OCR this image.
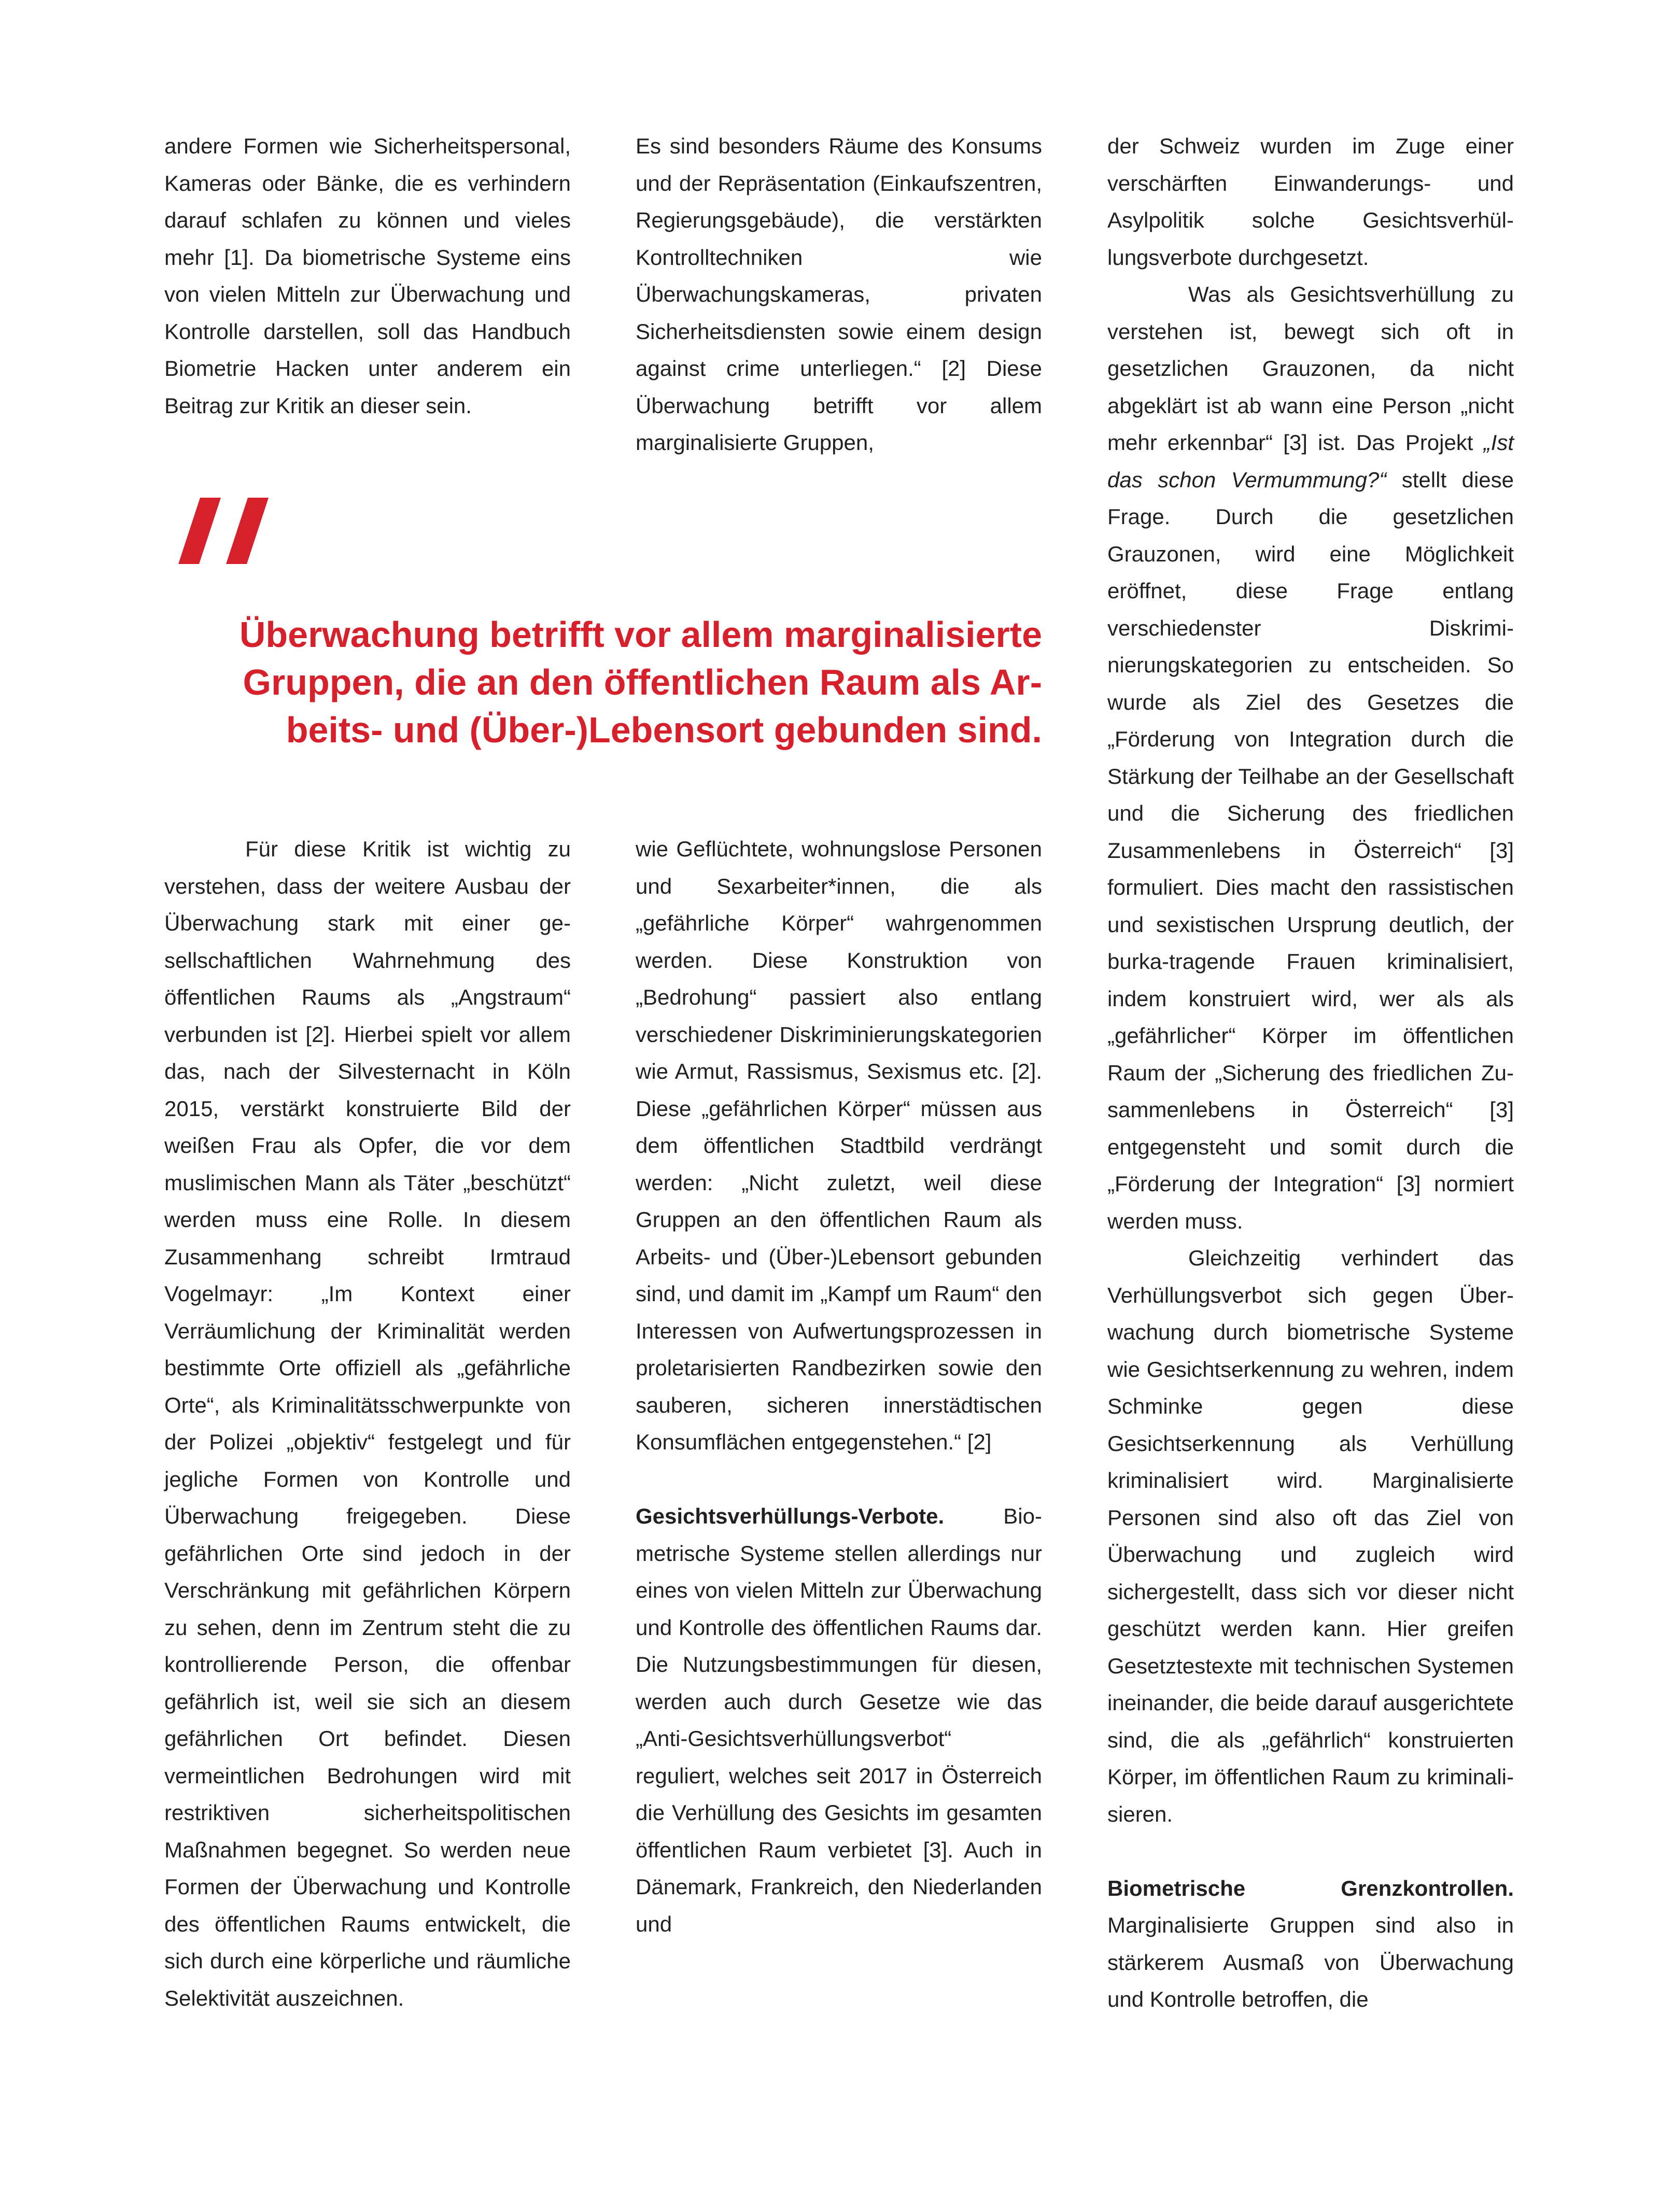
andere Formen wie Sicherheitspersonal, Kameras oder Bänke, die es verhindern darauf schlafen zu können und vieles mehr [1]. Da biometrische Systeme eins von vielen Mitteln zur Überwachung und Kontrolle darstellen, soll das Handbuch Biometrie Hacken unter anderem ein Beitrag zur Kritik an dieser sein.

Es sind besonders Räume des Konsums und der Repräsentation (Einkaufszentren, Regierungsgebäude), die verstärkten Kontrolltechniken wie Überwachungskameras, privaten Sicherheitsdiensten sowie einem design against crime unterliegen.“ [2] Diese Überwachung betrifft vor allem marginalisierte Gruppen,

Überwachung betrifft vor allem marginalisierte Gruppen, die an den öffentlichen Raum als Arbeits- und (Über-)Lebensort gebunden sind.

Für diese Kritik ist wichtig zu verstehen, dass der weitere Ausbau der Überwachung stark mit einer gesellschaftlichen Wahrnehmung des öffentlichen Raums als „Angstraum“ verbunden ist [2]. Hierbei spielt vor allem das, nach der Silvesternacht in Köln 2015, verstärkt konstruierte Bild der weißen Frau als Opfer, die vor dem muslimischen Mann als Täter „beschützt“ werden muss eine Rolle. In diesem Zusammenhang schreibt Irmtraud Vogelmayr: „Im Kontext einer Verräumlichung der Kriminalität werden bestimmte Orte offiziell als „gefährliche Orte“, als Kriminalitätsschwerpunkte von der Polizei „objektiv“ festgelegt und für jegliche Formen von Kontrolle und Überwachung freigegeben. Diese gefährlichen Orte sind jedoch in der Verschränkung mit gefährlichen Körpern zu sehen, denn im Zentrum steht die zu kontrollierende Person, die offenbar gefährlich ist, weil sie sich an diesem gefährlichen Ort befindet. Diesen vermeintlichen Bedrohungen wird mit restriktiven sicherheitspolitischen Maßnahmen begegnet. So werden neue Formen der Überwachung und Kontrolle des öffentlichen Raums entwickelt, die sich durch eine körperliche und räumliche Selektivität auszeichnen.

wie Geflüchtete, wohnungslose Personen und Sexarbeiter*innen, die als „gefährliche Körper“ wahrgenommen werden. Diese Konstruktion von „Bedrohung“ passiert also entlang verschiedener Diskriminierungskategorien wie Armut, Rassismus, Sexismus etc. [2]. Diese „gefährlichen Körper“ müssen aus dem öffentlichen Stadtbild verdrängt werden: „Nicht zuletzt, weil diese Gruppen an den öffentlichen Raum als Arbeits- und (Über-)Lebensort gebunden sind, und damit im „Kampf um Raum“ den Interessen von Aufwertungsprozessen in proletarisierten Randbezirken sowie den sauberen, sicheren innerstädtischen Konsumflächen entgegenstehen.“ [2]

Gesichtsverhüllungs-Verbote. Biometrische Systeme stellen allerdings nur eines von vielen Mitteln zur Überwachung und Kontrolle des öffentlichen Raums dar. Die Nutzungsbestimmungen für diesen, werden auch durch Gesetze wie das „Anti-Gesichtsverhüllungsverbot“ reguliert, welches seit 2017 in Österreich die Verhüllung des Gesichts im gesamten öffentlichen Raum verbietet [3]. Auch in Dänemark, Frankreich, den Niederlanden und

der Schweiz wurden im Zuge einer verschärften Einwanderungs- und Asylpolitik solche Gesichtsverhüllungsverbote durchgesetzt.

Was als Gesichtsverhüllung zu verstehen ist, bewegt sich oft in gesetzlichen Grauzonen, da nicht abgeklärt ist ab wann eine Person „nicht mehr erkennbar“ [3] ist. Das Projekt „Ist das schon Vermummung?“ stellt diese Frage. Durch die gesetzlichen Grauzonen, wird eine Möglichkeit eröffnet, diese Frage entlang verschiedenster Diskriminierungskategorien zu entscheiden. So wurde als Ziel des Gesetzes die „Förderung von Integration durch die Stärkung der Teilhabe an der Gesellschaft und die Sicherung des friedlichen Zusammenlebens in Österreich“ [3] formuliert. Dies macht den rassistischen und sexistischen Ursprung deutlich, der burka-tragende Frauen kriminalisiert, indem konstruiert wird, wer als als „gefährlicher“ Körper im öffentlichen Raum der „Sicherung des friedlichen Zusammenlebens in Österreich“ [3] entgegensteht und somit durch die „Förderung der Integration“ [3] normiert werden muss.

Gleichzeitig verhindert das Verhüllungsverbot sich gegen Überwachung durch biometrische Systeme wie Gesichtserkennung zu wehren, indem Schminke gegen diese Gesichtserkennung als Verhüllung kriminalisiert wird. Marginalisierte Personen sind also oft das Ziel von Überwachung und zugleich wird sichergestellt, dass sich vor dieser nicht geschützt werden kann. Hier greifen Gesetztestexte mit technischen Systemen ineinander, die beide darauf ausgerichtete sind, die als „gefährlich“ konstruierten Körper, im öffentlichen Raum zu kriminalisieren.

Biometrische Grenzkontrollen. Marginalisierte Gruppen sind also in stärkerem Ausmaß von Überwachung und Kontrolle betroffen, die
